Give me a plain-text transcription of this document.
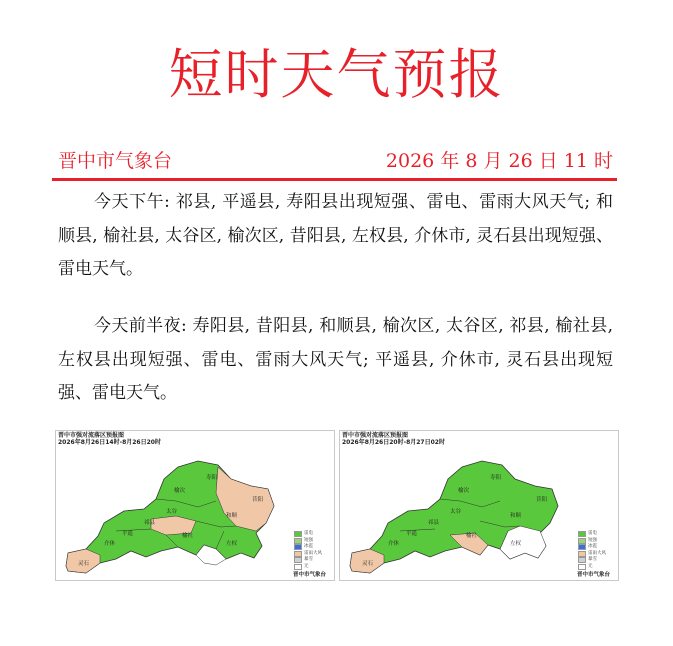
短时天气预报
晋中市气象台	2026 年 8 月 26 日 11 时
今天下午: 祁县, 平遥县, 寿阳县出现短强、雷电、雷雨大风天气; 和顺县, 榆社县, 太谷区, 榆次区, 昔阳县, 左权县, 介休市, 灵石县出现短强、雷电天气。
今天前半夜: 寿阳县, 昔阳县, 和顺县, 榆次区, 太谷区, 祁县, 榆社县, 左权县出现短强、雷电、雷雨大风天气; 平遥县, 介休市, 灵石县出现短强、雷电天气。
寿阳
榆次
昔阳
太谷
和顺
祁县
平遥	榆社
左权
介休
灵石
晋中市强对流落区预报图
2026年8月26日14时-8月26日20时
雷电
短强
冰雹
雷雨大风
暴雪
无
晋中市气象台
寿阳
榆次
昔阳
太谷
和顺
祁县
平遥	榆社
左权
介休
灵石
晋中市强对流落区预报图
2026年8月26日20时-8月27日02时
雷电
短强
冰雹
雷雨大风
暴雪
无
晋中市气象台
